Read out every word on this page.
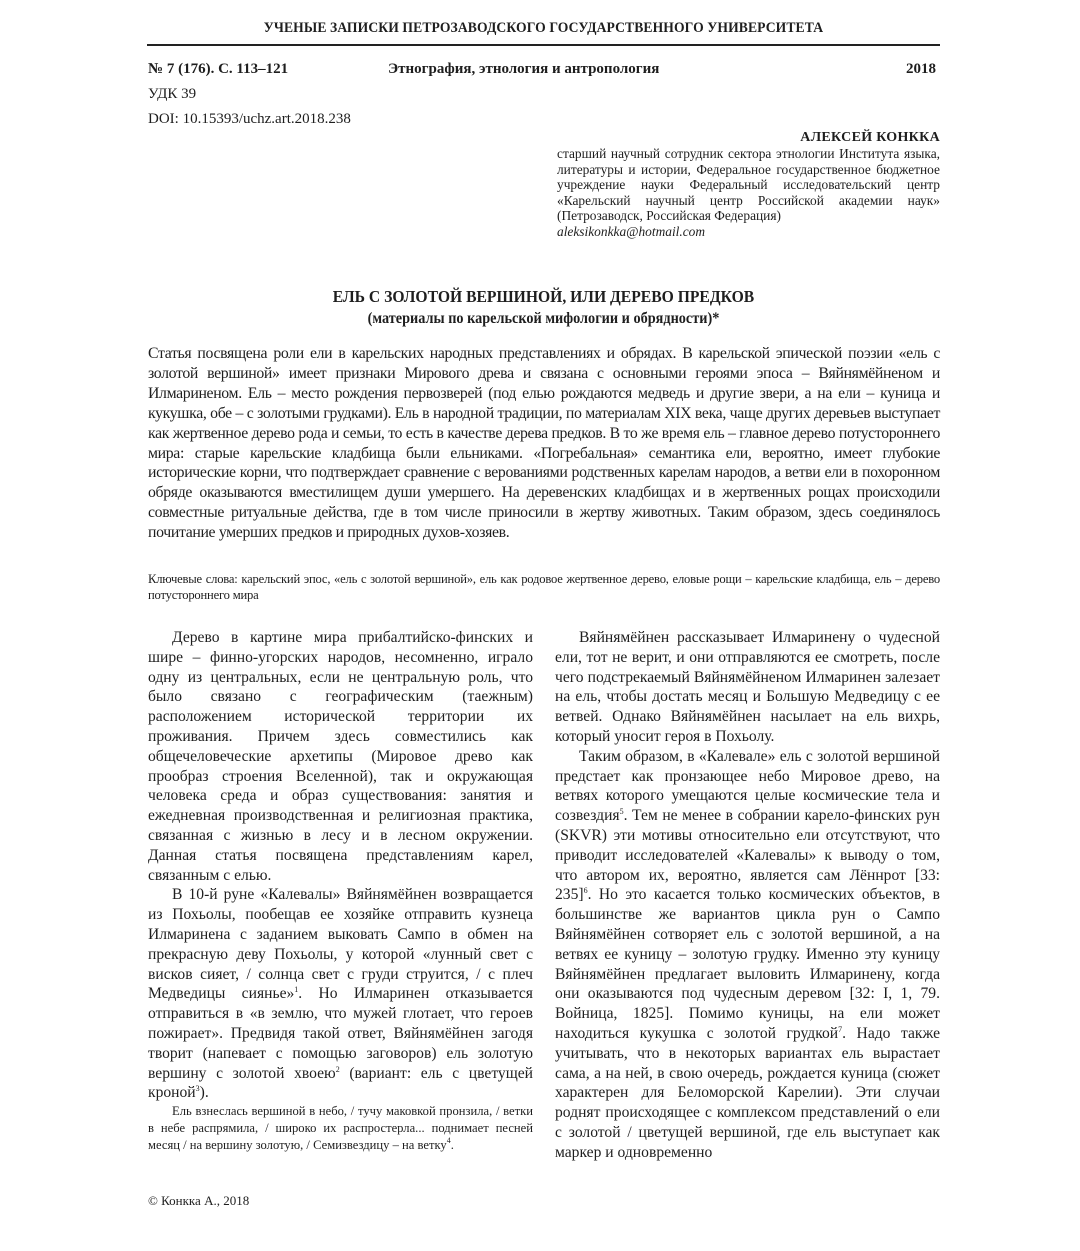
УЧЕНЫЕ ЗАПИСКИ ПЕТРОЗАВОДСКОГО ГОСУДАРСТВЕННОГО УНИВЕРСИТЕТА
№ 7 (176). С. 113–121	Этнография, этнология и антропология	2018
УДК 39
DOI: 10.15393/uchz.art.2018.238
АЛЕКСЕЙ КОНККА
старший научный сотрудник сектора этнологии Института языка, литературы и истории, Федеральное государственное бюджетное учреждение науки Федеральный исследовательский центр «Карельский научный центр Российской академии наук» (Петрозаводск, Российская Федерация)
aleksikonkka@hotmail.com
ЕЛЬ С ЗОЛОТОЙ ВЕРШИНОЙ, ИЛИ ДЕРЕВО ПРЕДКОВ
(материалы по карельской мифологии и обрядности)*
Статья посвящена роли ели в карельских народных представлениях и обрядах. В карельской эпической поэзии «ель с золотой вершиной» имеет признаки Мирового древа и связана с основными героями эпоса – Вяйнямёйненом и Илмариненом. Ель – место рождения первозверей (под елью рождаются медведь и другие звери, а на ели – куница и кукушка, обе – с золотыми грудками). Ель в народной традиции, по материалам XIX века, чаще других деревьев выступает как жертвенное дерево рода и семьи, то есть в качестве дерева предков. В то же время ель – главное дерево потустороннего мира: старые карельские кладбища были ельниками. «Погребальная» семантика ели, вероятно, имеет глубокие исторические корни, что подтверждает сравнение с верованиями родственных карелам народов, а ветви ели в похоронном обряде оказываются вместилищем души умершего. На деревенских кладбищах и в жертвенных рощах происходили совместные ритуальные действа, где в том числе приносили в жертву животных. Таким образом, здесь соединялось почитание умерших предков и природных духов-хозяев.
Ключевые слова: карельский эпос, «ель с золотой вершиной», ель как родовое жертвенное дерево, еловые рощи – карельские кладбища, ель – дерево потустороннего мира

Дерево в картине мира прибалтийско-финских и шире – финно-угорских народов, несомненно, играло одну из центральных, если не центральную роль, что было связано с географическим (таежным) расположением исторической территории их проживания. Причем здесь совместились как общечеловеческие архетипы (Мировое древо как прообраз строения Вселенной), так и окружающая человека среда и образ существования: занятия и ежедневная производственная и религиозная практика, связанная с жизнью в лесу и в лесном окружении. Данная статья посвящена представлениям карел, связанным с елью.

В 10-й руне «Калевалы» Вяйнямёйнен возвращается из Похьолы, пообещав ее хозяйке отправить кузнеца Илмаринена с заданием выковать Сампо в обмен на прекрасную деву Похьолы, у которой «лунный свет с висков сияет, / солнца свет с груди струится, / с плеч Медведицы сиянье»$^1$. Но Илмаринен отказывается отправиться в «в землю, что мужей глотает, что героев пожирает». Предвидя такой ответ, Вяйнямёйнен загодя творит (напевает с помощью заговоров) ель золотую вершину с золотой хвоею$^2$ (вариант: ель с цветущей кроной$^3$).

Ель взнеслась вершиной в небо, / тучу маковкой пронзила, / ветки в небе распрямила, / широко их распростерла... поднимает песней месяц / на вершину золотую, / Семизвездицу – на ветку$^4$.

Вяйнямёйнен рассказывает Илмаринену о чудесной ели, тот не верит, и они отправляются ее смотреть, после чего подстрекаемый Вяйнямёйненом Илмаринен залезает на ель, чтобы достать месяц и Большую Медведицу с ее ветвей. Однако Вяйнямёйнен насылает на ель вихрь, который уносит героя в Похьолу.

Таким образом, в «Калевале» ель с золотой вершиной предстает как пронзающее небо Мировое древо, на ветвях которого умещаются целые космические тела и созвездия$^5$. Тем не менее в собрании карело-финских рун (SKVR) эти мотивы относительно ели отсутствуют, что приводит исследователей «Калевалы» к выводу о том, что автором их, вероятно, является сам Лённрот [33: 235]$^6$. Но это касается только космических объектов, в большинстве же вариантов цикла рун о Сампо Вяйнямёйнен сотворяет ель с золотой вершиной, а на ветвях ее куницу – золотую грудку. Именно эту куницу Вяйнямёйнен предлагает выловить Илмаринену, когда они оказываются под чудесным деревом [32: I, 1, 79. Войница, 1825]. Помимо куницы, на ели может находиться кукушка с золотой грудкой$^7$. Надо также учитывать, что в некоторых вариантах ель вырастает сама, а на ней, в свою очередь, рождается куница (сюжет характерен для Беломорской Карелии). Эти случаи роднят происходящее с комплексом представлений о ели с золотой / цветущей вершиной, где ель выступает как маркер и одновременно

© Конкка А., 2018
